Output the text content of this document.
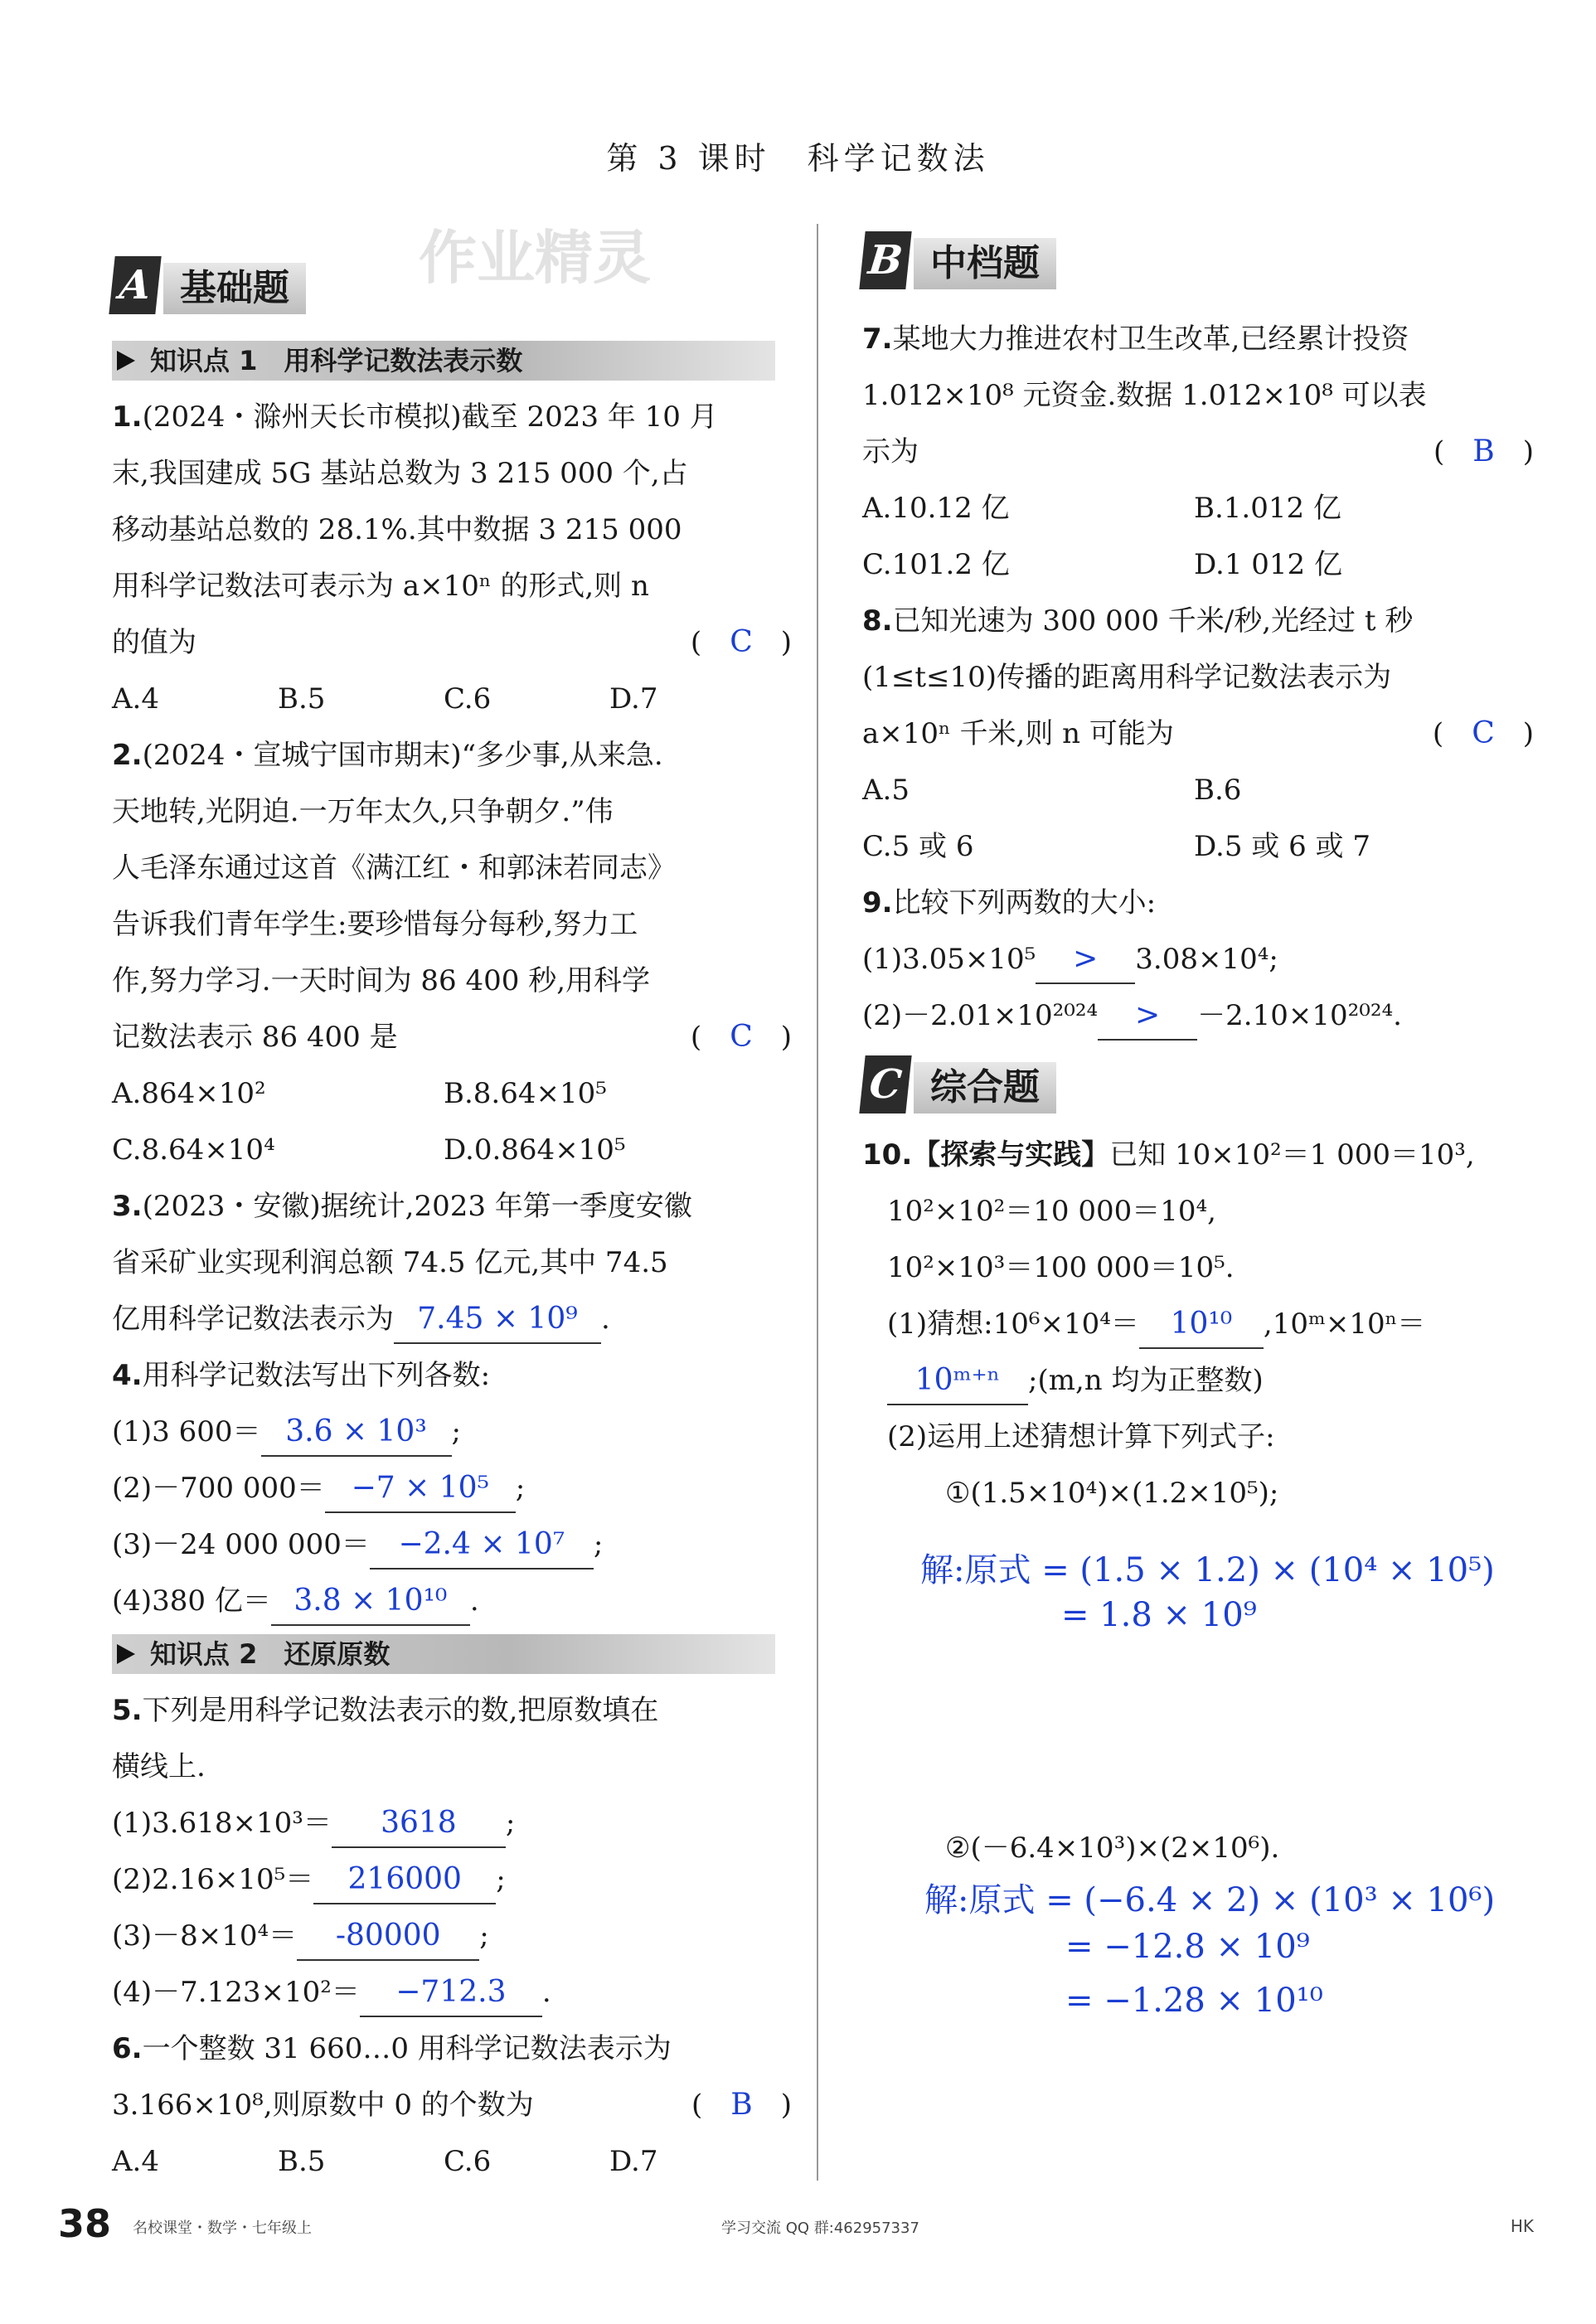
第 3 课时　科学记数法
作业精灵
A 基础题
知识点 1　用科学记数法表示数
1.(2024・滁州天长市模拟)截至 2023 年 10 月
末,我国建成 5G 基站总数为 3 215 000 个,占
移动基站总数的 28.1%.其中数据 3 215 000
用科学记数法可表示为 a×10ⁿ 的形式,则 n
的值为	(　C　)
A.4	B.5	C.6	D.7
2.(2024・宣城宁国市期末)“多少事,从来急.
天地转,光阴迫.一万年太久,只争朝夕.”伟
人毛泽东通过这首《满江红・和郭沫若同志》
告诉我们青年学生:要珍惜每分每秒,努力工
作,努力学习.一天时间为 86 400 秒,用科学
记数法表示 86 400 是	(　C　)
A.864×10²	B.8.64×10⁵
C.8.64×10⁴	D.0.864×10⁵
3.(2023・安徽)据统计,2023 年第一季度安徽
省采矿业实现利润总额 74.5 亿元,其中 74.5
亿用科学记数法表示为 7.45 × 10⁹ .
4.用科学记数法写出下列各数:
(1)3 600＝ 3.6 × 10³ ;
(2)－700 000＝ −7 × 10⁵ ;
(3)－24 000 000＝ −2.4 × 10⁷ ;
(4)380 亿＝ 3.8 × 10¹⁰ .
知识点 2　还原原数
5.下列是用科学记数法表示的数,把原数填在
横线上.
(1)3.618×10³＝ 3618 ;
(2)2.16×10⁵＝ 216000 ;
(3)－8×10⁴＝ -80000 ;
(4)－7.123×10²＝ −712.3 .
6.一个整数 31 660…0 用科学记数法表示为
3.166×10⁸,则原数中 0 的个数为	(　B　)
A.4	B.5	C.6	D.7
B 中档题
7.某地大力推进农村卫生改革,已经累计投资
1.012×10⁸ 元资金.数据 1.012×10⁸ 可以表
示为	(　B　)
A.10.12 亿	B.1.012 亿
C.101.2 亿	D.1 012 亿
8.已知光速为 300 000 千米/秒,光经过 t 秒
(1≤t≤10)传播的距离用科学记数法表示为
a×10ⁿ 千米,则 n 可能为	(　C　)
A.5	B.6
C.5 或 6	D.5 或 6 或 7
9.比较下列两数的大小:
(1)3.05×10⁵ > 3.08×10⁴;
(2)－2.01×10²⁰²⁴ > －2.10×10²⁰²⁴.
C 综合题
10.【探索与实践】已知 10×10²＝1 000＝10³,
10²×10²＝10 000＝10⁴,
10²×10³＝100 000＝10⁵.
(1)猜想:10⁶×10⁴＝ 10¹⁰ ,10ᵐ×10ⁿ＝
10ᵐ⁺ⁿ ;(m,n 均为正整数)
(2)运用上述猜想计算下列式子:
①(1.5×10⁴)×(1.2×10⁵);
解:原式 = (1.5 × 1.2) × (10⁴ × 10⁵)
= 1.8 × 10⁹
②(－6.4×10³)×(2×10⁶).
解:原式 = (−6.4 × 2) × (10³ × 10⁶)
= −12.8 × 10⁹
= −1.28 × 10¹⁰
38 名校课堂・数学・七年级上	学习交流 QQ 群:462957337	HK
